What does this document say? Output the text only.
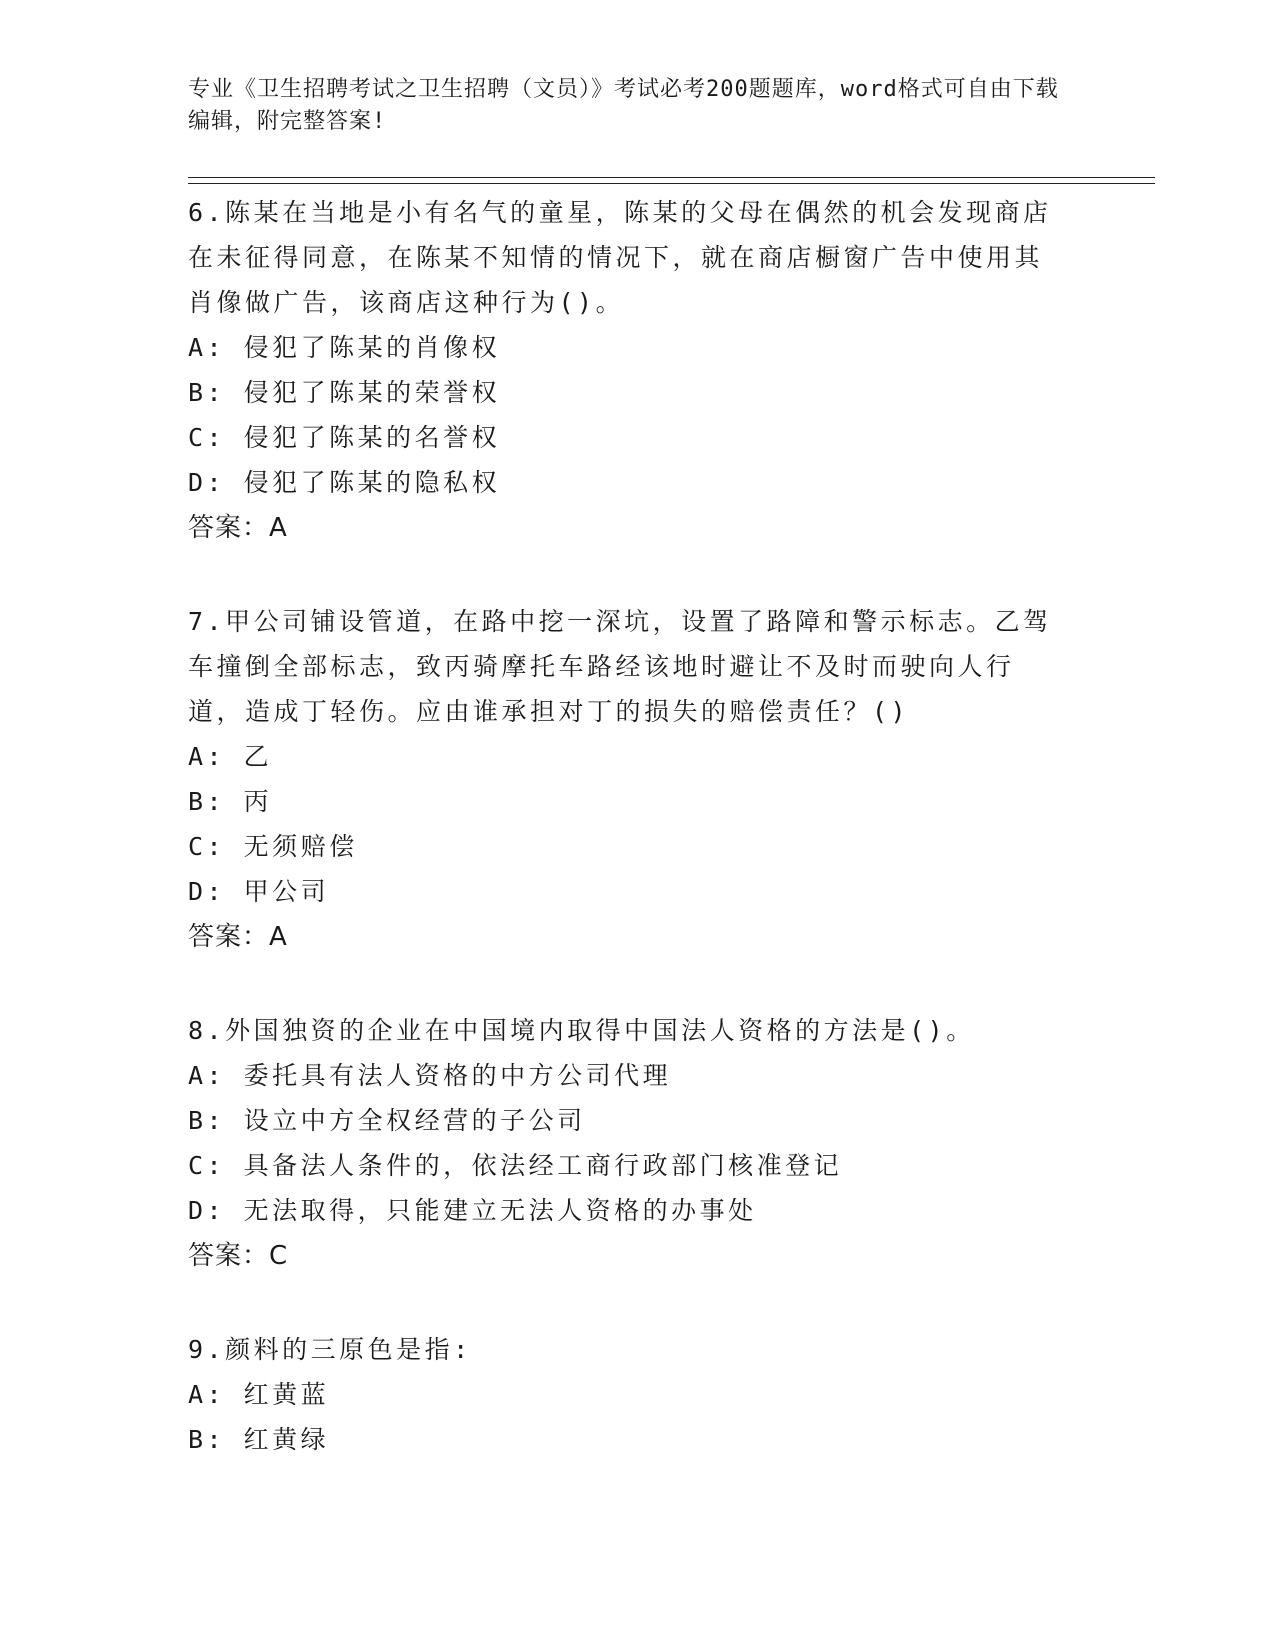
专业《卫生招聘考试之卫生招聘（文员）》考试必考200题题库，word格式可自由下载编辑，附完整答案!

6.陈某在当地是小有名气的童星，陈某的父母在偶然的机会发现商店在未征得同意，在陈某不知情的情况下，就在商店橱窗广告中使用其肖像做广告，该商店这种行为()。

A: 侵犯了陈某的肖像权

B: 侵犯了陈某的荣誉权

C: 侵犯了陈某的名誉权

D: 侵犯了陈某的隐私权

答案：A

7.甲公司铺设管道，在路中挖一深坑，设置了路障和警示标志。乙驾车撞倒全部标志，致丙骑摩托车路经该地时避让不及时而驶向人行道，造成丁轻伤。应由谁承担对丁的损失的赔偿责任？()

A: 乙

B: 丙

C: 无须赔偿

D: 甲公司

答案：A

8.外国独资的企业在中国境内取得中国法人资格的方法是()。

A: 委托具有法人资格的中方公司代理

B: 设立中方全权经营的子公司

C: 具备法人条件的，依法经工商行政部门核准登记

D: 无法取得，只能建立无法人资格的办事处

答案：C

9.颜料的三原色是指:

A: 红黄蓝

B: 红黄绿
